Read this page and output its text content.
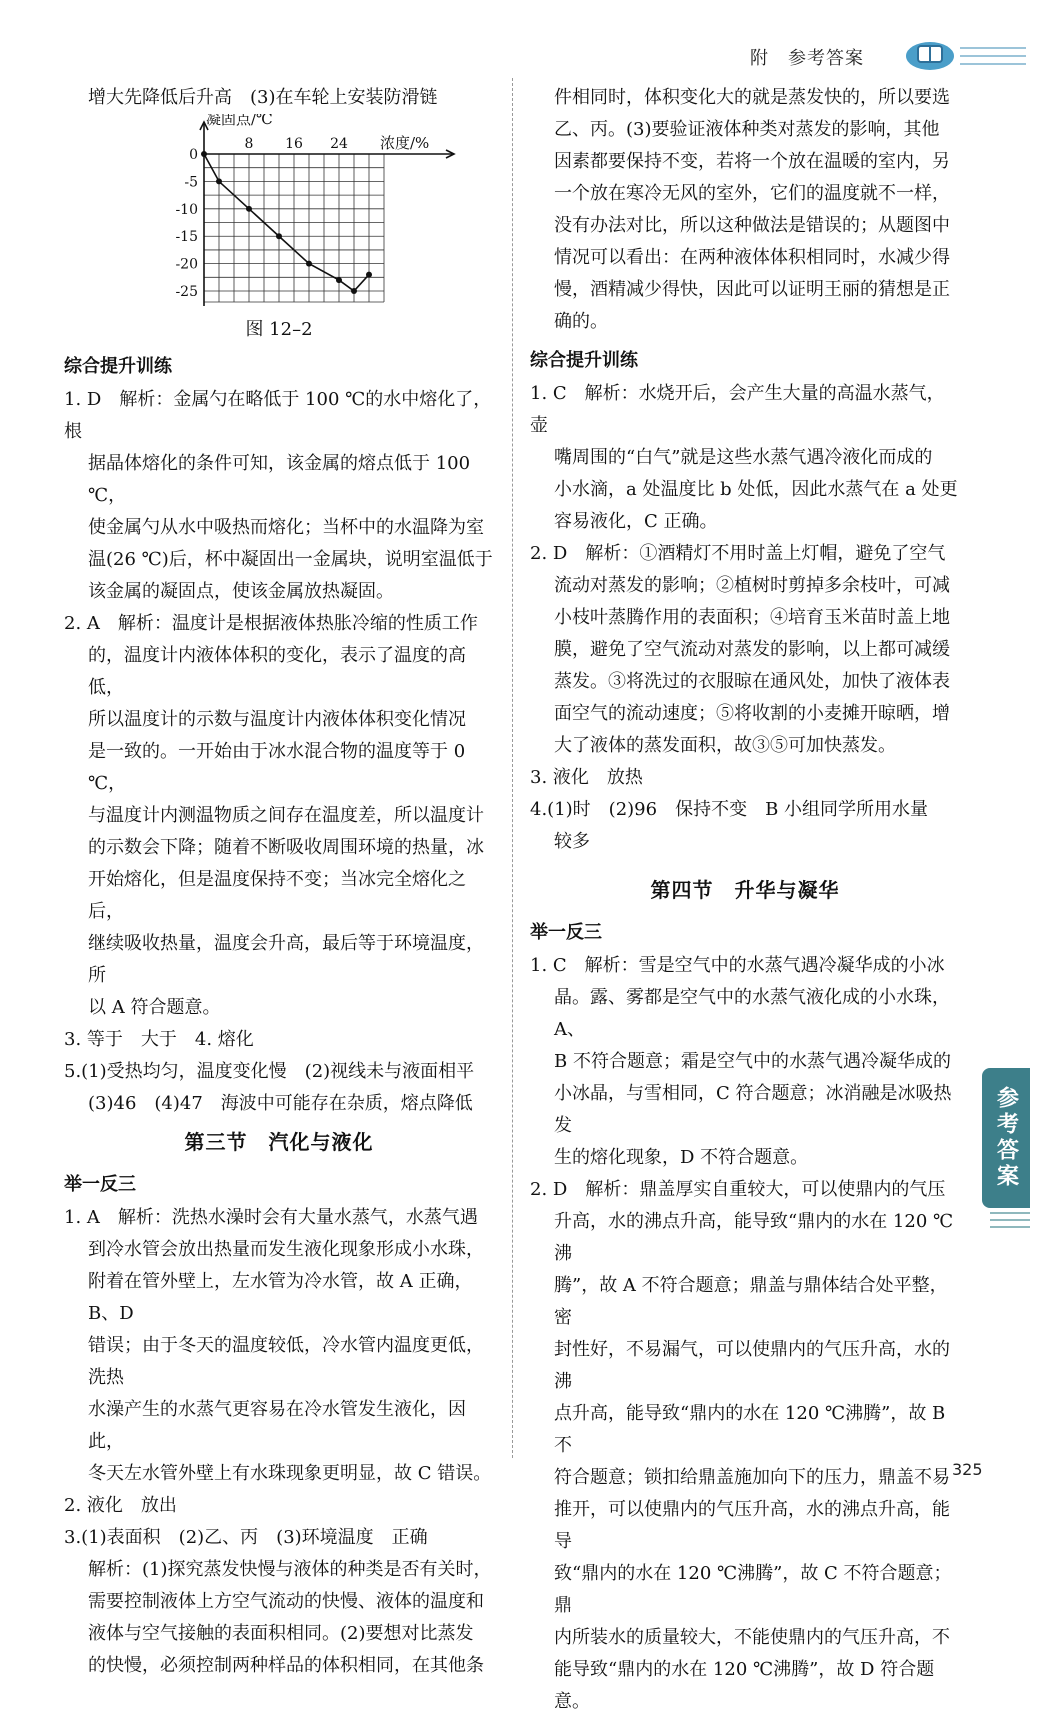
附　参考答案

增大先降低后升高　(3)在车轮上安装防滑链

凝固点/℃
浓度/%
8 16 24
0
-5
-10
-15
-20
-25

图 12–2

综合提升训练
1. D　解析：金属勺在略低于 100 ℃的水中熔化了，根
据晶体熔化的条件可知，该金属的熔点低于 100 ℃，
使金属勺从水中吸热而熔化；当杯中的水温降为室
温(26 ℃)后，杯中凝固出一金属块，说明室温低于
该金属的凝固点，使该金属放热凝固。
2. A　解析：温度计是根据液体热胀冷缩的性质工作
的，温度计内液体体积的变化，表示了温度的高低，
所以温度计的示数与温度计内液体体积变化情况
是一致的。一开始由于冰水混合物的温度等于 0 ℃，
与温度计内测温物质之间存在温度差，所以温度计
的示数会下降；随着不断吸收周围环境的热量，冰
开始熔化，但是温度保持不变；当冰完全熔化之后，
继续吸收热量，温度会升高，最后等于环境温度，所
以 A 符合题意。

3. 等于　大于　4. 熔化

5.(1)受热均匀，温度变化慢　(2)视线未与液面相平
(3)46　(4)47　海波中可能存在杂质，熔点降低
第三节　汽化与液化
举一反三
1. A　解析：洗热水澡时会有大量水蒸气，水蒸气遇
到冷水管会放出热量而发生液化现象形成小水珠，
附着在管外壁上，左水管为冷水管，故 A 正确，B、D
错误；由于冬天的温度较低，冷水管内温度更低，洗热
水澡产生的水蒸气更容易在冷水管发生液化，因此，
冬天左水管外壁上有水珠现象更明显，故 C 错误。

2. 液化　放出

3.(1)表面积　(2)乙、丙　(3)环境温度　正确
解析：(1)探究蒸发快慢与液体的种类是否有关时，
需要控制液体上方空气流动的快慢、液体的温度和
液体与空气接触的表面积相同。(2)要想对比蒸发
的快慢，必须控制两种样品的体积相同，在其他条
件相同时，体积变化大的就是蒸发快的，所以要选
乙、丙。(3)要验证液体种类对蒸发的影响，其他
因素都要保持不变，若将一个放在温暖的室内，另
一个放在寒冷无风的室外，它们的温度就不一样，
没有办法对比，所以这种做法是错误的；从题图中
情况可以看出：在两种液体体积相同时，水减少得
慢，酒精减少得快，因此可以证明王丽的猜想是正
确的。
综合提升训练
1. C　解析：水烧开后，会产生大量的高温水蒸气，壶
嘴周围的“白气”就是这些水蒸气遇冷液化而成的
小水滴，a 处温度比 b 处低，因此水蒸气在 a 处更
容易液化，C 正确。
2. D　解析：①酒精灯不用时盖上灯帽，避免了空气
流动对蒸发的影响；②植树时剪掉多余枝叶，可减
小枝叶蒸腾作用的表面积；④培育玉米苗时盖上地
膜，避免了空气流动对蒸发的影响，以上都可减缓
蒸发。③将洗过的衣服晾在通风处，加快了液体表
面空气的流动速度；⑤将收割的小麦摊开晾晒，增
大了液体的蒸发面积，故③⑤可加快蒸发。

3. 液化　放热

4.(1)时　(2)96　保持不变　B 小组同学所用水量
较多
第四节　升华与凝华
举一反三
1. C　解析：雪是空气中的水蒸气遇冷凝华成的小冰
晶。露、雾都是空气中的水蒸气液化成的小水珠，A、
B 不符合题意；霜是空气中的水蒸气遇冷凝华成的
小冰晶，与雪相同，C 符合题意；冰消融是冰吸热发
生的熔化现象，D 不符合题意。
2. D　解析：鼎盖厚实自重较大，可以使鼎内的气压
升高，水的沸点升高，能导致“鼎内的水在 120 ℃沸
腾”，故 A 不符合题意；鼎盖与鼎体结合处平整，密
封性好，不易漏气，可以使鼎内的气压升高，水的沸
点升高，能导致“鼎内的水在 120 ℃沸腾”，故 B 不
符合题意；锁扣给鼎盖施加向下的压力，鼎盖不易
推开，可以使鼎内的气压升高，水的沸点升高，能导
致“鼎内的水在 120 ℃沸腾”，故 C 不符合题意；鼎
内所装水的质量较大，不能使鼎内的气压升高，不
能导致“鼎内的水在 120 ℃沸腾”，故 D 符合题意。
参考答案
325
